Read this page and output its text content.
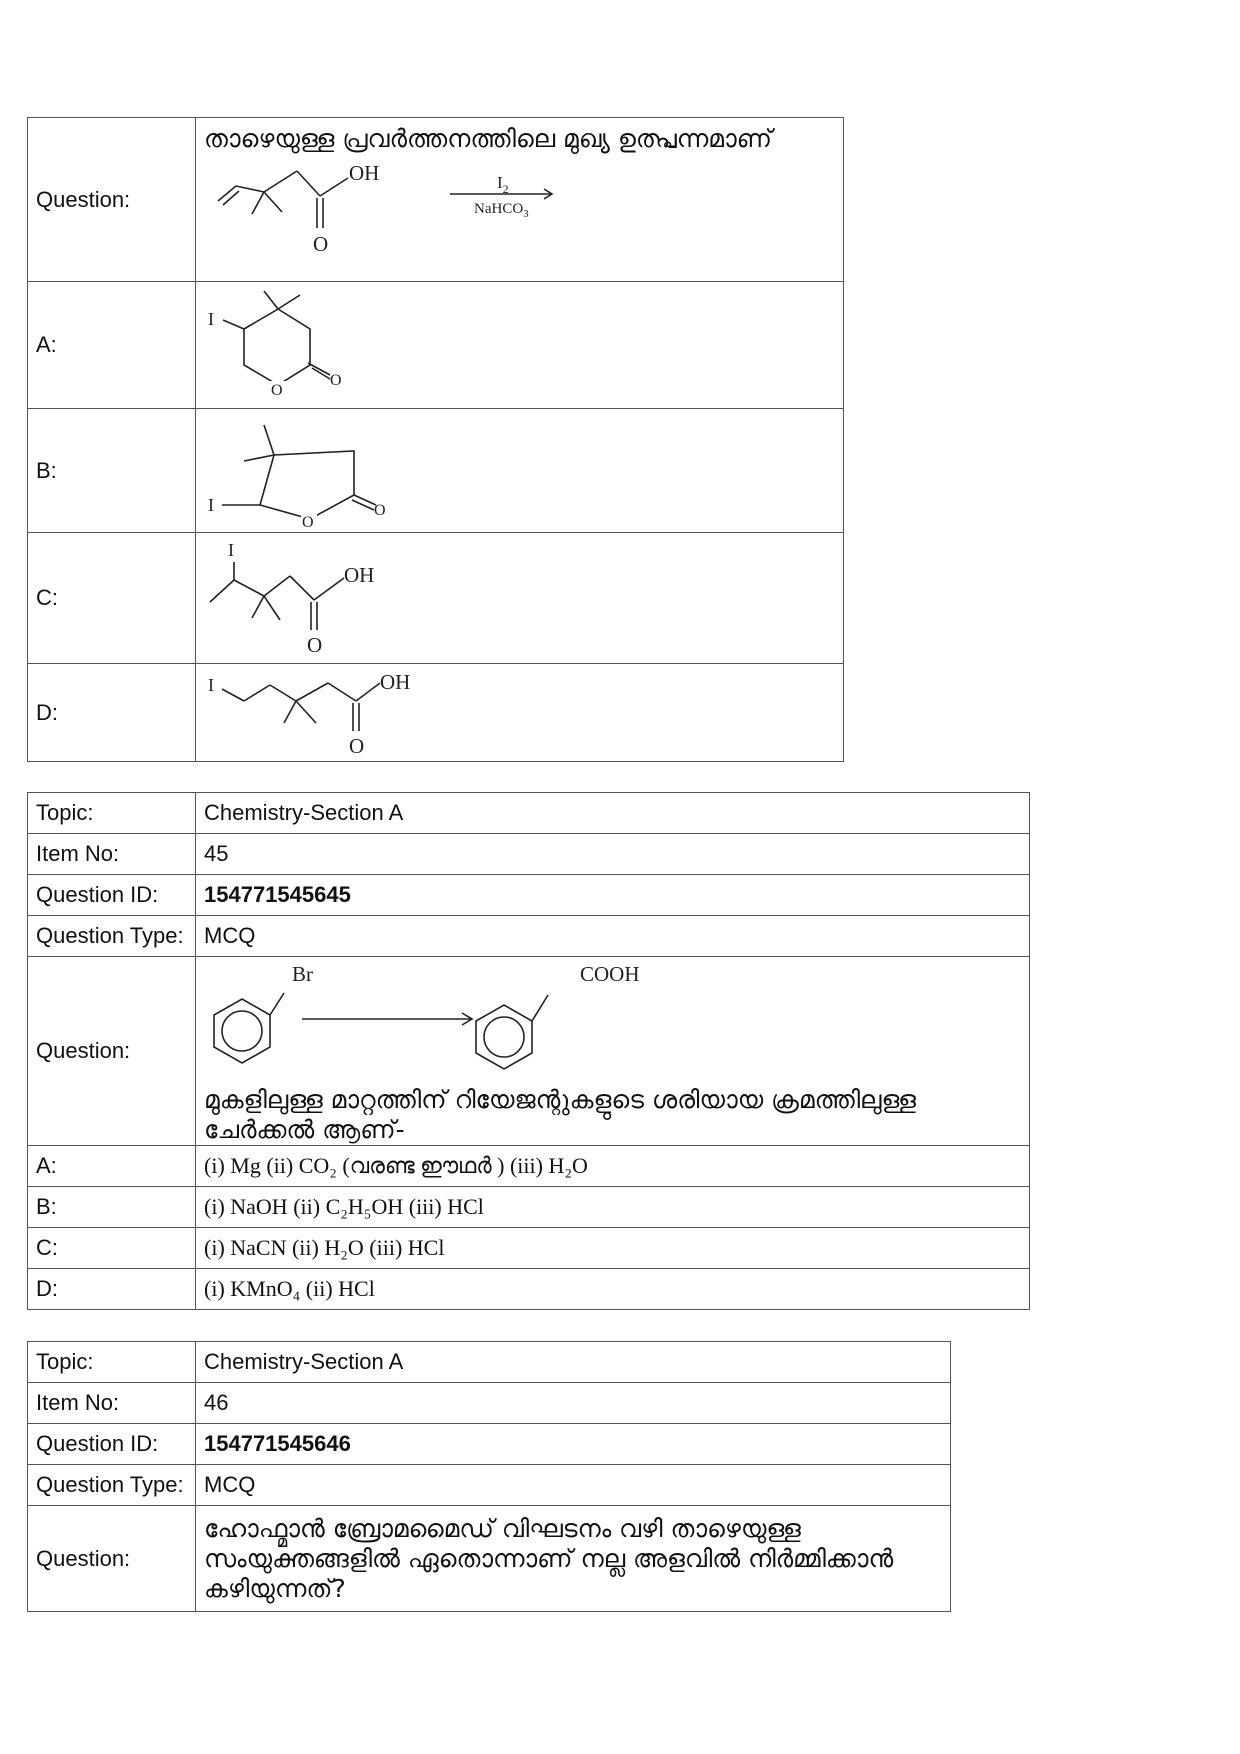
Question:	താഴെയുള്ള പ്രവർത്തനത്തിലെ മുഖ്യ ഉത്പ്പന്നമാണ്
OH
O
$I_2$
NaHCO$_3$

A:	I
O
O

B:	I
O
O

C:	I
OH
O

D:	I OH
O
Topic:	Chemistry-Section A
Item No:	45
Question ID:	154771545645
Question Type:	MCQ
Question:	Br COOH
മുകളിലുള്ള മാറ്റത്തിന് റിയേജന്റുകളുടെ ശരിയായ ക്രമത്തിലുള്ള
ചേർക്കൽ ആണ്-

A:	(i) Mg (ii) CO₂ (വരണ്ട ഈഥർ ) (iii) H₂O
B:	(i) NaOH (ii) C₂H₅OH (iii) HCl
C:	(i) NaCN (ii) H₂O (iii) HCl
D:	(i) KMnO₄ (ii) HCl
Topic:	Chemistry-Section A
Item No:	46
Question ID:	154771545646
Question Type:	MCQ
Question:	ഹോഫ്മാൻ ബ്രോമമൈഡ് വിഘടനം വഴി താഴെയുള്ള
സംയുക്തങ്ങളിൽ ഏതൊന്നാണ് നല്ല അളവിൽ നിർമ്മിക്കാൻ
കഴിയുന്നത്?
